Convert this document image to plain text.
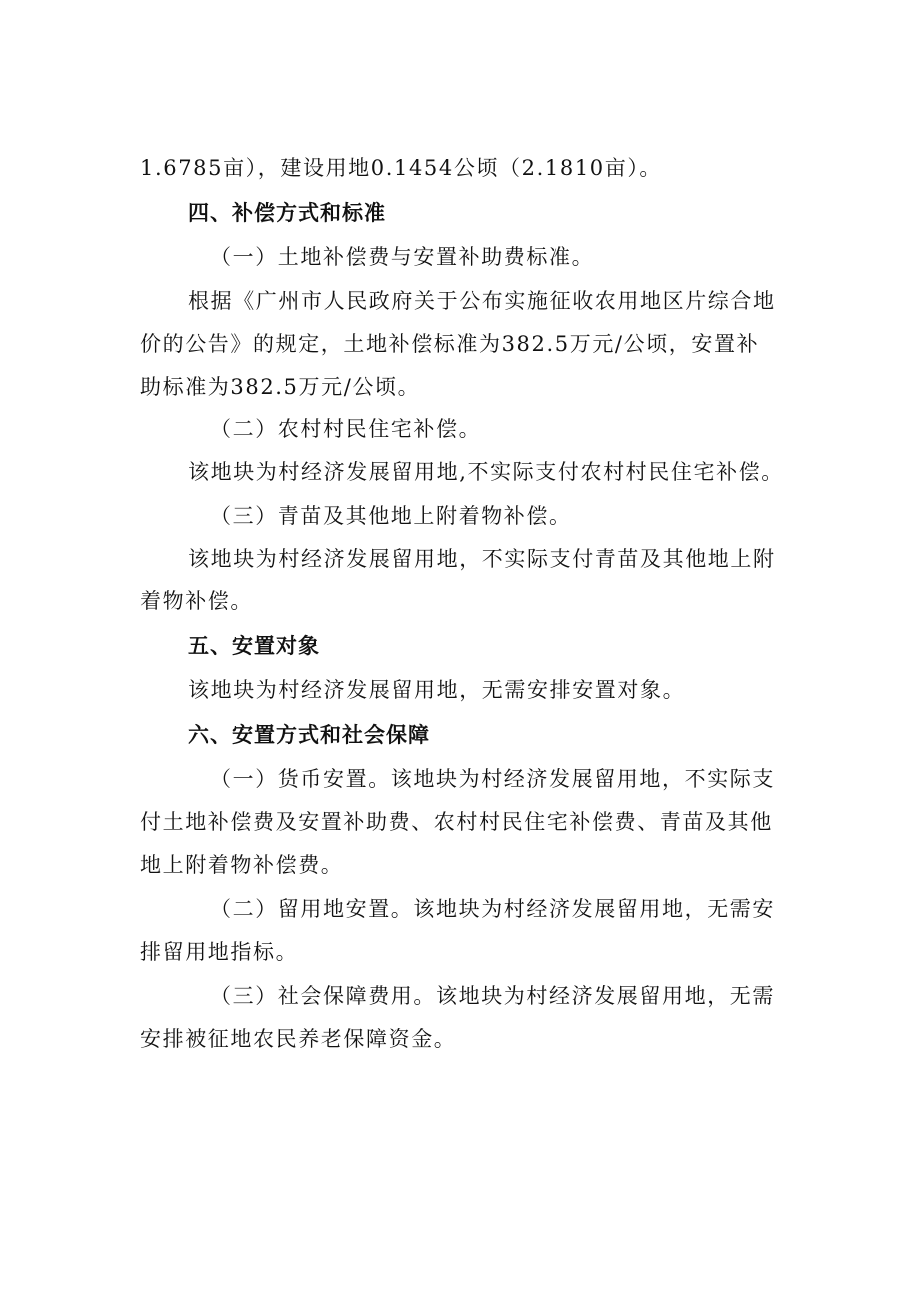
1.6785亩），建设用地0.1454公顷（2.1810亩）。
四、补偿方式和标准
（一）土地补偿费与安置补助费标准。
根据《广州市人民政府关于公布实施征收农用地区片综合地
价的公告》的规定，土地补偿标准为382.5万元/公顷，安置补
助标准为382.5万元/公顷。
（二）农村村民住宅补偿。
该地块为村经济发展留用地,不实际支付农村村民住宅补偿。
（三）青苗及其他地上附着物补偿。
该地块为村经济发展留用地，不实际支付青苗及其他地上附
着物补偿。
五、安置对象
该地块为村经济发展留用地，无需安排安置对象。
六、安置方式和社会保障
（一）货币安置。该地块为村经济发展留用地，不实际支
付土地补偿费及安置补助费、农村村民住宅补偿费、青苗及其他
地上附着物补偿费。
（二）留用地安置。该地块为村经济发展留用地，无需安
排留用地指标。
（三）社会保障费用。该地块为村经济发展留用地，无需
安排被征地农民养老保障资金。
